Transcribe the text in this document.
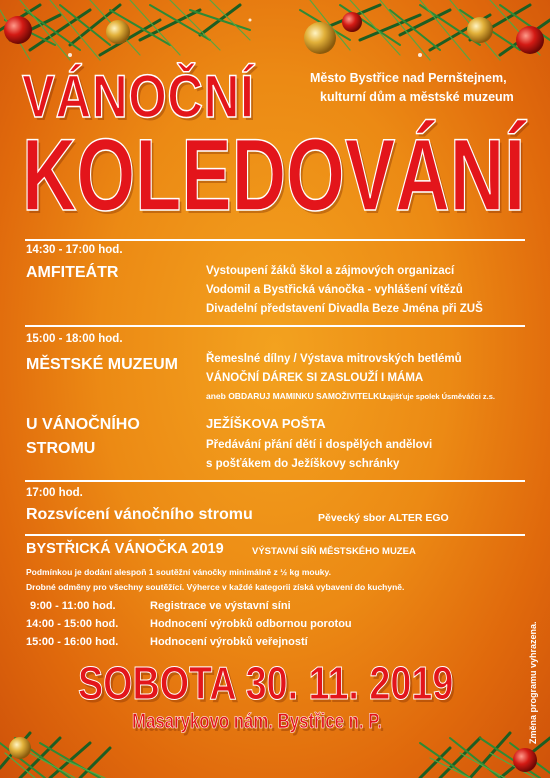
VÁNOČNÍ
KOLEDOVÁNÍ
Město Bystřice nad Pernštejnem,
kulturní dům a městské muzeum
14:30 - 17:00 hod.
AMFITEÁTR	Vystoupení žáků škol a zájmových organizací
Vodomil a Bystřická vánočka - vyhlášení vítězů
Divadelní představení Divadla Beze Jména při ZUŠ
15:00 - 18:00 hod.
MĚSTSKÉ MUZEUM Řemeslné dílny / Výstava mitrovských betlémů
VÁNOČNÍ DÁREK SI ZASLOUŽÍ I MÁMA
aneb OBDARUJ MAMINKU SAMOŽIVITELKU
zajišťuje spolek Úsměváčci z.s.
U VÁNOČNÍHO
STROMU
JEŽÍŠKOVA POŠTA
Předávání přání dětí i dospělých andělovi
s pošťákem do Ježíškovy schránky
17:00 hod.
Rozsvícení vánočního stromu	Pěvecký sbor ALTER EGO
BYSTŘICKÁ VÁNOČKA 2019	VÝSTAVNÍ SÍŇ MĚSTSKÉHO MUZEA
Podmínkou je dodání alespoň 1 soutěžní vánočky minimálně z ½ kg mouky.
Drobné odměny pro všechny soutěžící. Výherce v každé kategorii získá vybavení do kuchyně.
9:00 - 11:00 hod.	Registrace ve výstavní síni
14:00 - 15:00 hod.	Hodnocení výrobků odbornou porotou
15:00 - 16:00 hod.	Hodnocení výrobků veřejností
SOBOTA 30. 11. 2019
Masarykovo nám. Bystřice n. P.	Změna programu vyhrazena.
